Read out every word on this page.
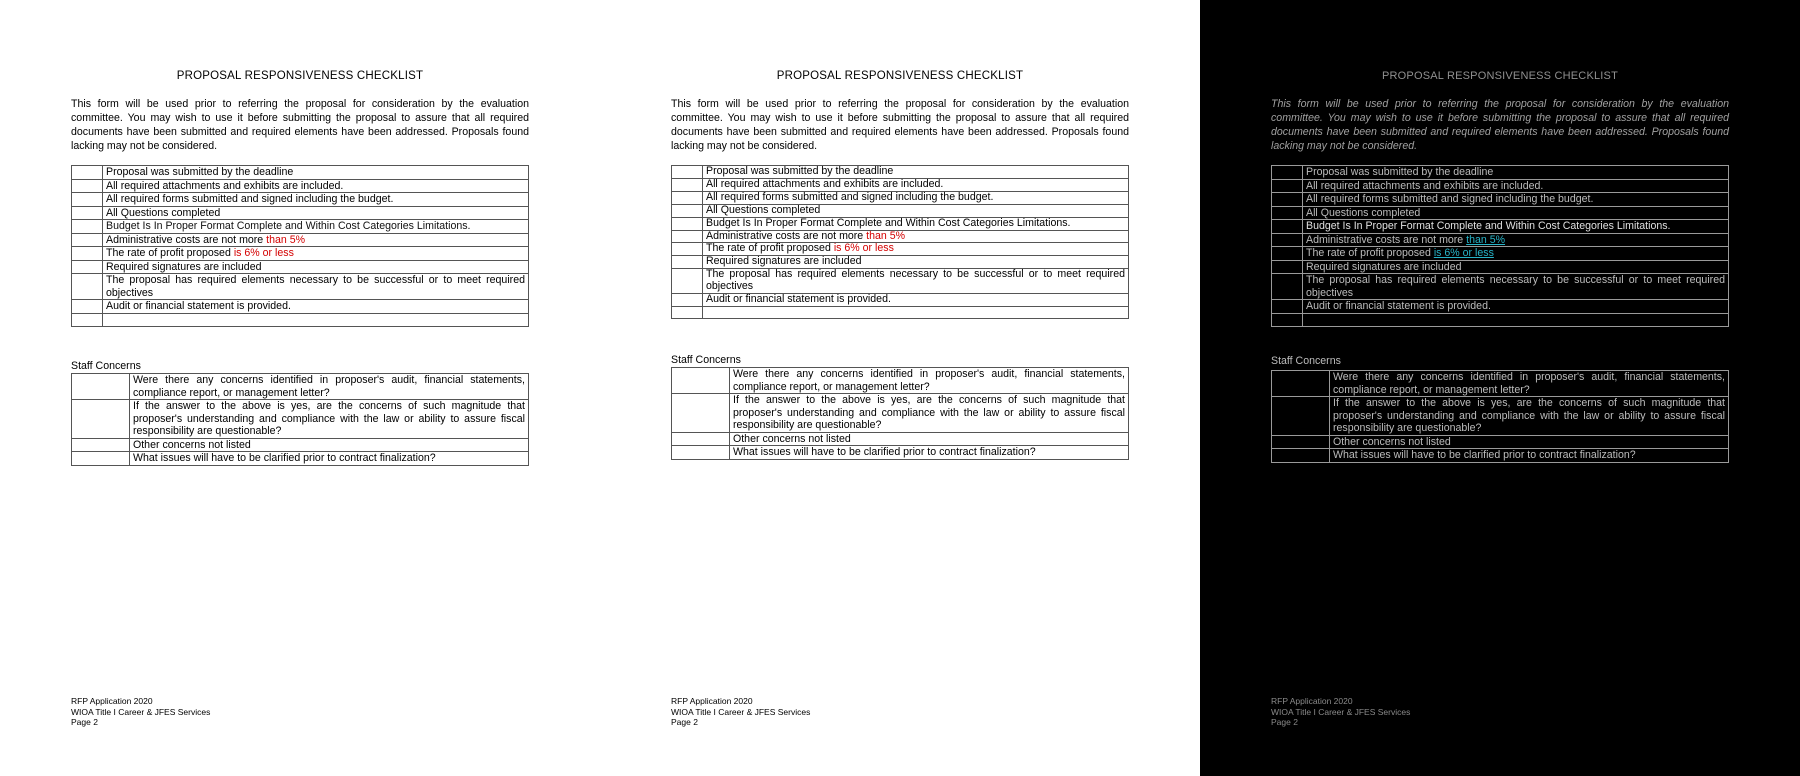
PROPOSAL RESPONSIVENESS CHECKLIST
This form will be used prior to referring the proposal for consideration by the evaluation committee. You may wish to use it before submitting the proposal to assure that all required documents have been submitted and required elements have been addressed. Proposals found lacking may not be considered.
	Proposal was submitted by the deadline
	All required attachments and exhibits are included.
	All required forms submitted and signed including the budget.
	All Questions completed
	Budget Is In Proper Format Complete and Within Cost Categories Limitations.
	Administrative costs are not more than 5%
	The rate of profit proposed is 6% or less
	Required signatures are included
	The proposal has required elements necessary to be successful or to meet required objectives
	Audit or financial statement is provided.

Staff Concerns
	Were there any concerns identified in proposer's audit, financial statements, compliance report, or management letter?
	If the answer to the above is yes, are the concerns of such magnitude that proposer's understanding and compliance with the law or ability to assure fiscal responsibility are questionable?
	Other concerns not listed
	What issues will have to be clarified prior to contract finalization?
RFP Application 2020
WIOA Title I Career & JFES Services
Page 2
PROPOSAL RESPONSIVENESS CHECKLIST
This form will be used prior to referring the proposal for consideration by the evaluation committee. You may wish to use it before submitting the proposal to assure that all required documents have been submitted and required elements have been addressed. Proposals found lacking may not be considered.
	Proposal was submitted by the deadline
	All required attachments and exhibits are included.
	All required forms submitted and signed including the budget.
	All Questions completed
	Budget Is In Proper Format Complete and Within Cost Categories Limitations.
	Administrative costs are not more than 5%
	The rate of profit proposed is 6% or less
	Required signatures are included
	The proposal has required elements necessary to be successful or to meet required objectives
	Audit or financial statement is provided.

Staff Concerns
	Were there any concerns identified in proposer's audit, financial statements, compliance report, or management letter?
	If the answer to the above is yes, are the concerns of such magnitude that proposer's understanding and compliance with the law or ability to assure fiscal responsibility are questionable?
	Other concerns not listed
	What issues will have to be clarified prior to contract finalization?
RFP Application 2020
WIOA Title I Career & JFES Services
Page 2
PROPOSAL RESPONSIVENESS CHECKLIST
This form will be used prior to referring the proposal for consideration by the evaluation committee. You may wish to use it before submitting the proposal to assure that all required documents have been submitted and required elements have been addressed. Proposals found lacking may not be considered.
	Proposal was submitted by the deadline
	All required attachments and exhibits are included.
	All required forms submitted and signed including the budget.
	All Questions completed
	Budget Is In Proper Format Complete and Within Cost Categories Limitations.
	Administrative costs are not more than 5%
	The rate of profit proposed is 6% or less
	Required signatures are included
	The proposal has required elements necessary to be successful or to meet required objectives
	Audit or financial statement is provided.

Staff Concerns
	Were there any concerns identified in proposer's audit, financial statements, compliance report, or management letter?
	If the answer to the above is yes, are the concerns of such magnitude that proposer's understanding and compliance with the law or ability to assure fiscal responsibility are questionable?
	Other concerns not listed
	What issues will have to be clarified prior to contract finalization?
RFP Application 2020
WIOA Title I Career & JFES Services
Page 2
